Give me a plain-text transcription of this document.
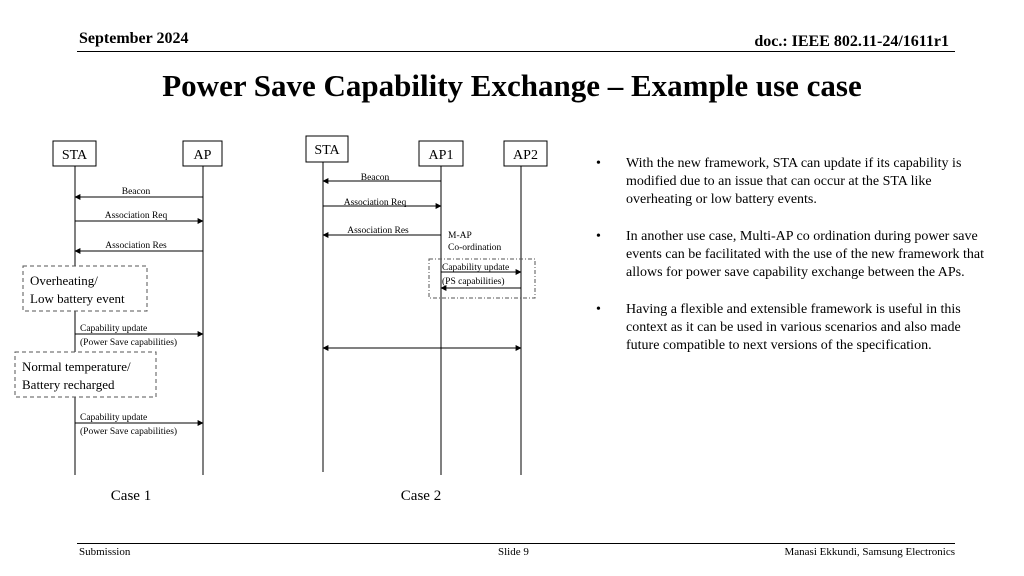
September 2024	doc.: IEEE 802.11-24/1611r1
Power Save Capability Exchange – Example use case
STA	AP
Beacon
Association Req
Association Res
Overheating/
Low battery event
Capability update
(Power Save capabilities)
Normal temperature/
Battery recharged
Capability update
(Power Save capabilities)
Case 1
STA	AP1	AP2
Beacon
Association Req
Association Res	M-AP
Co-ordination
Capability update
(PS capabilities)
Case 2
• With the new framework, STA can update if its capability is modified due to an issue that can occur at the STA like overheating or low battery events.
• In another use case, Multi-AP co ordination during power save events can be facilitated with the use of the new framework that allows for power save capability exchange between the APs.
• Having a flexible and extensible framework is useful in this context as it can be used in various scenarios and also made future compatible to next versions of the specification.
Submission	Slide 9	Manasi Ekkundi, Samsung Electronics
